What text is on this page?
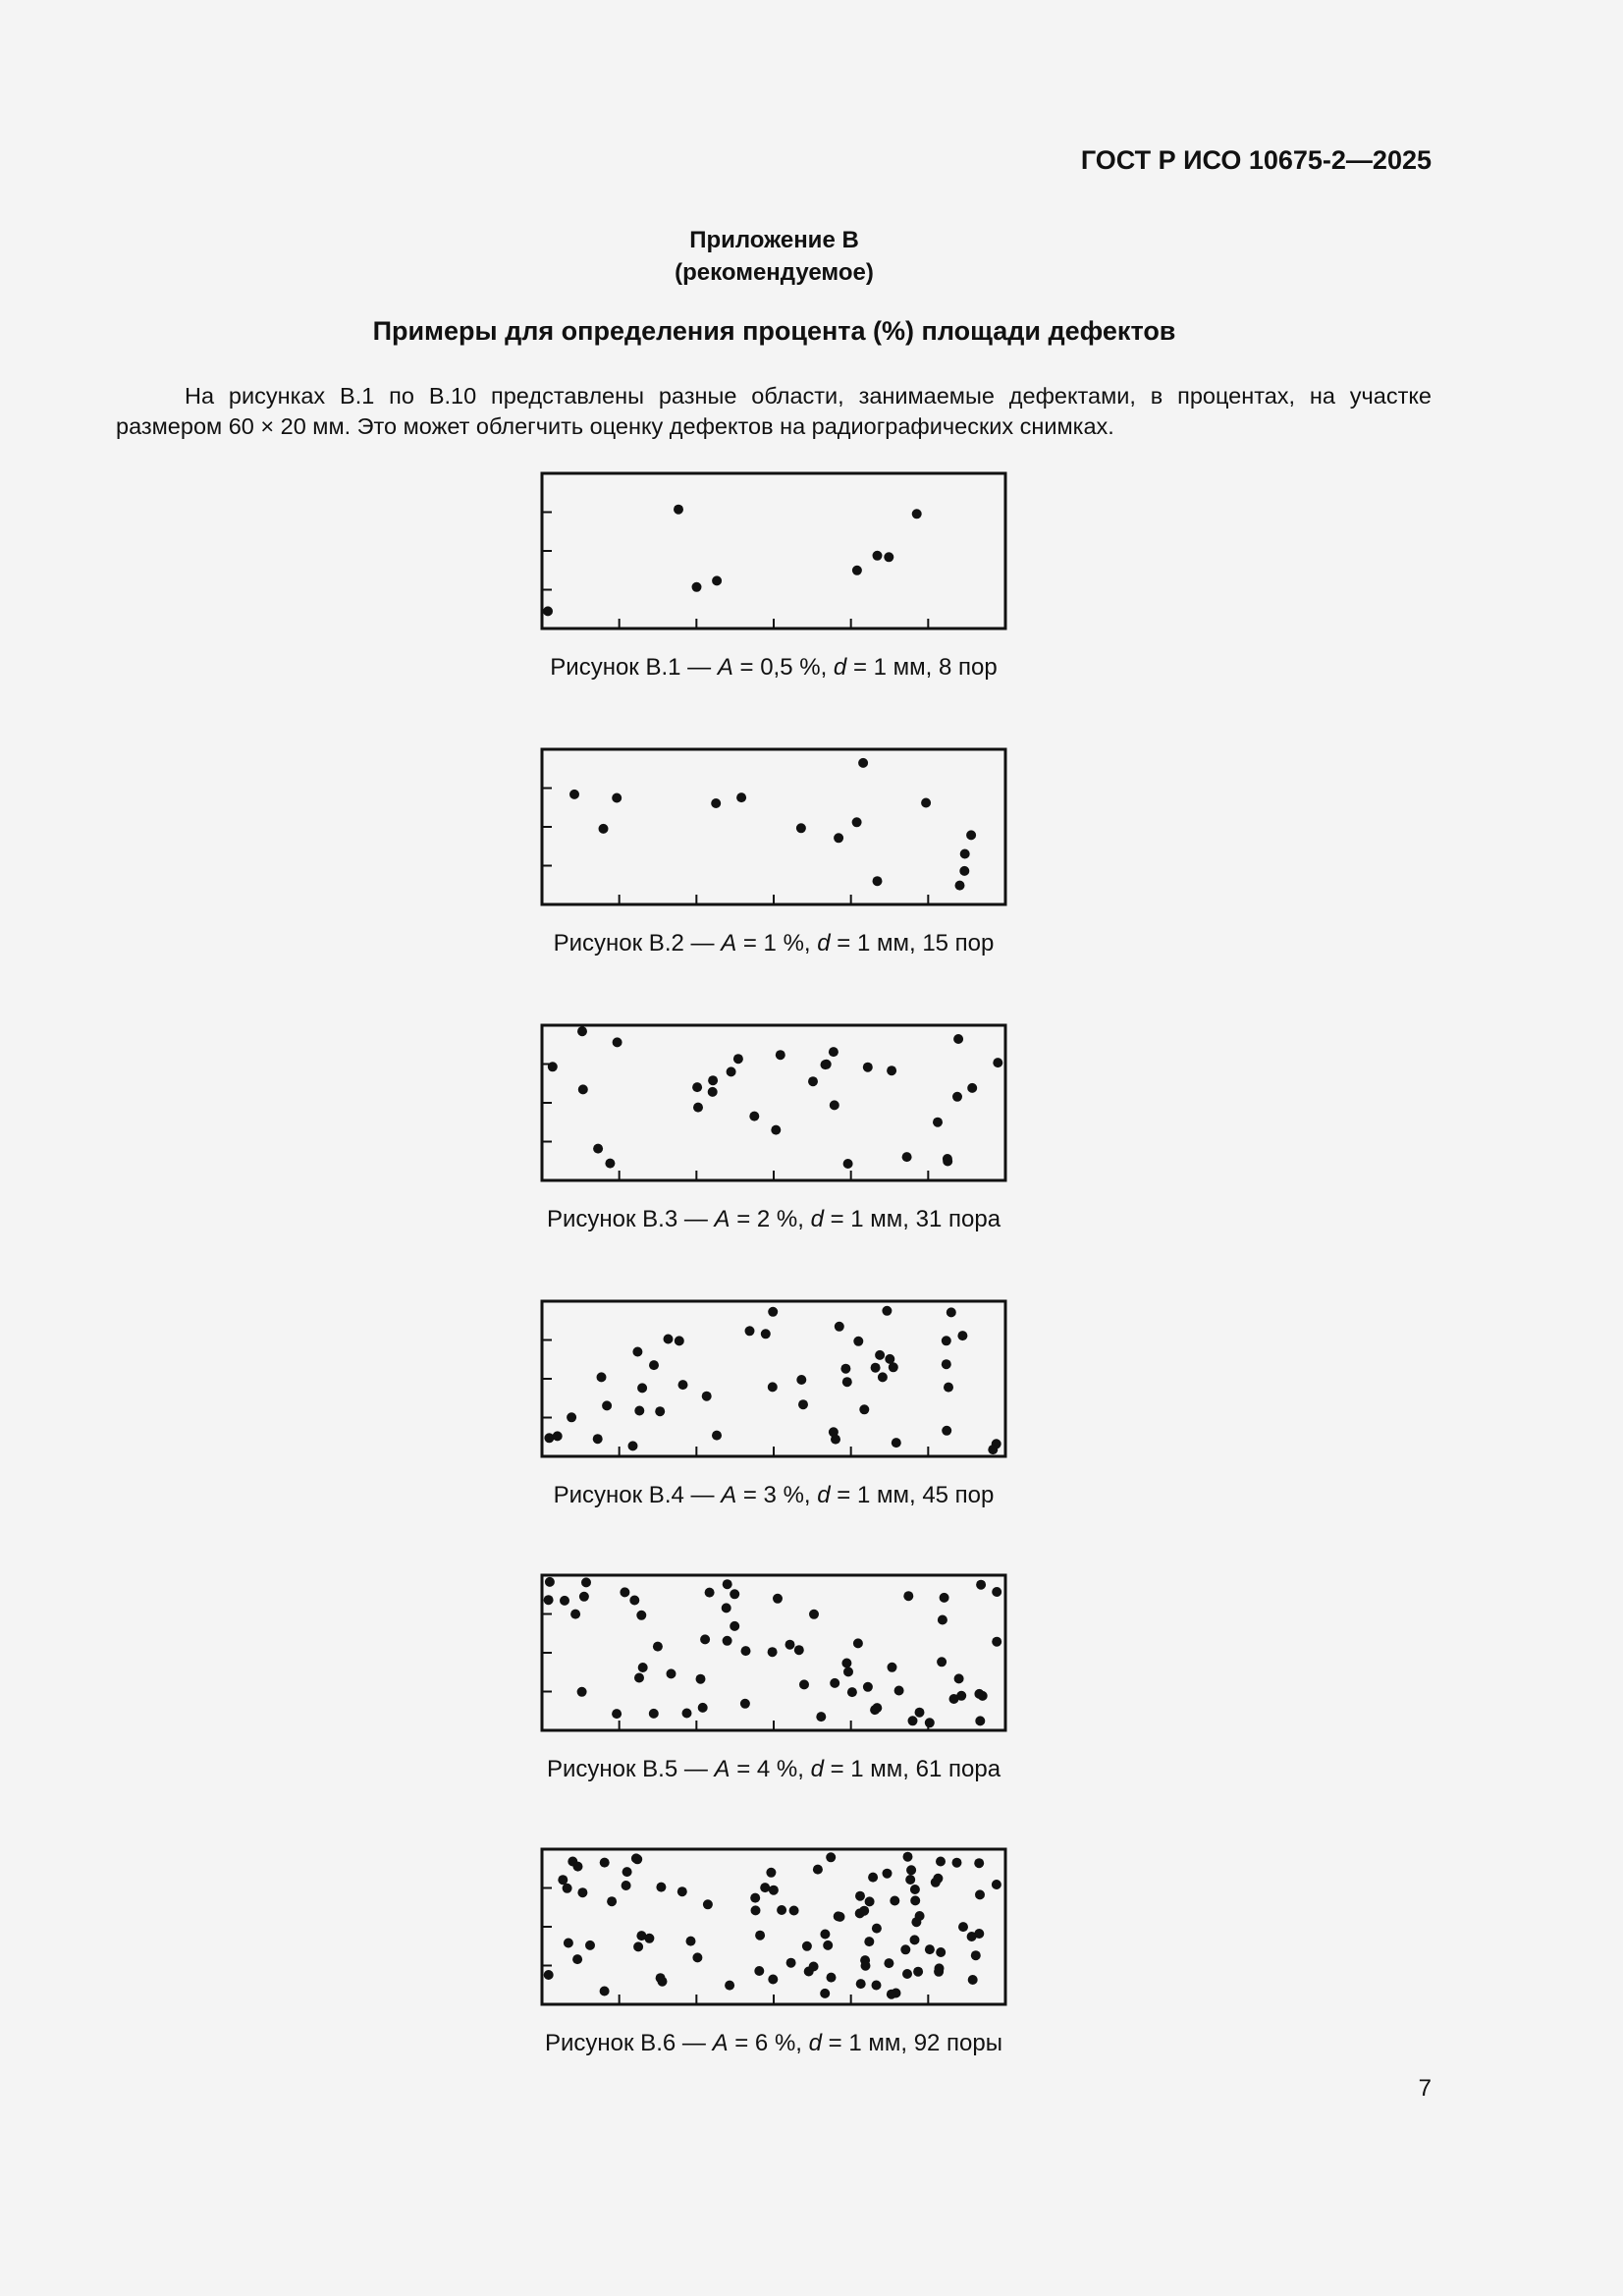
ГОСТ Р ИСО 10675-2—2025
Приложение В
(рекомендуемое)
Примеры для определения процента (%) площади дефектов

На рисунках В.1 по В.10 представлены разные области, занимаемые дефектами, в процентах, на участке размером 60 × 20 мм. Это может облегчить оценку дефектов на радиографических снимках.

Рисунок В.1 — A = 0,5 %, d = 1 мм, 8 пор
Рисунок В.2 — A = 1 %, d = 1 мм, 15 пор
Рисунок В.3 — A = 2 %, d = 1 мм, 31 пора
Рисунок В.4 — A = 3 %, d = 1 мм, 45 пор
Рисунок В.5 — A = 4 %, d = 1 мм, 61 пора
Рисунок В.6 — A = 6 %, d = 1 мм, 92 поры
7
